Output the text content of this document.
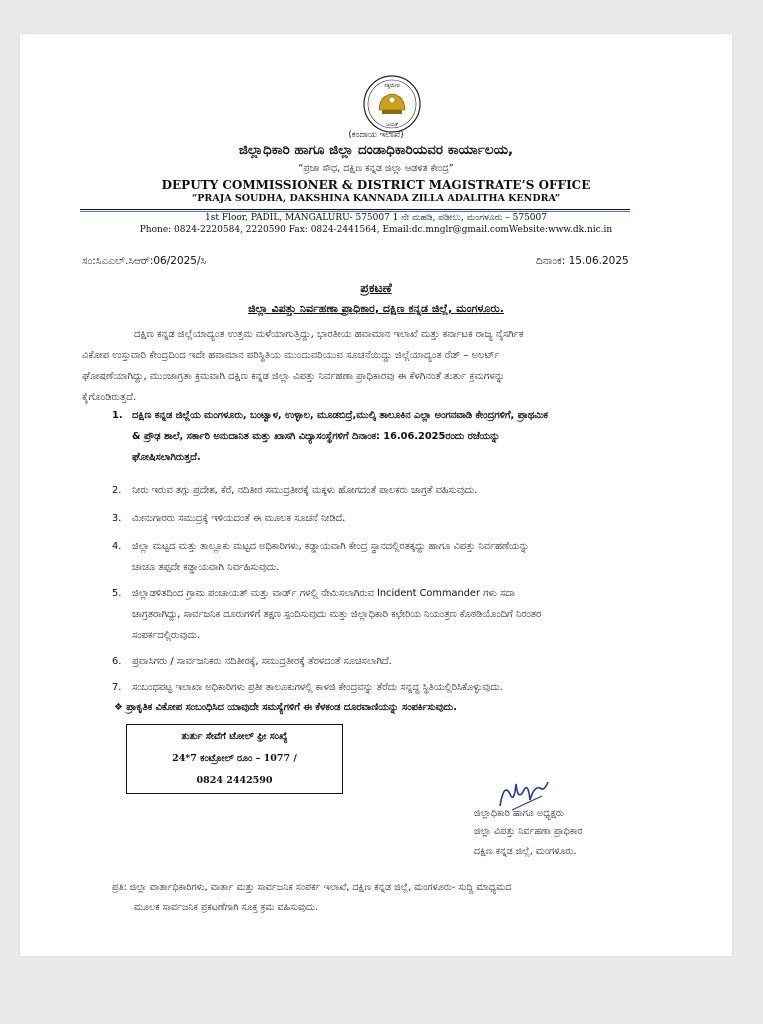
ಸತ್ಯಮೇವ
ಜಯತೆ
(ಕಂದಾಯ ಇಲಾಖೆ)
ಜಿಲ್ಲಾಧಿಕಾರಿ ಹಾಗೂ ಜಿಲ್ಲಾ ದಂಡಾಧಿಕಾರಿಯವರ ಕಾರ್ಯಾಲಯ,
“ಪ್ರಜಾ ಸೌಧ, ದಕ್ಷಿಣ ಕನ್ನಡ ಜಿಲ್ಲಾ ಆಡಳಿತ ಕೇಂದ್ರ”
DEPUTY COMMISSIONER & DISTRICT MAGISTRATE’S OFFICE
“PRAJA SOUDHA, DAKSHINA KANNADA ZILLA ADALITHA KENDRA”
1st Floor, PADIL, MANGALURU- 575007 1 ನೇ ಮಹಡಿ, ಪಡೀಲು, ಮಂಗಳೂರು – 575007
Phone: 0824-2220584, 2220590 Fax: 0824-2441564, Email:dc.mnglr@gmail.comWebsite:www.dk.nic.in
ಸಂ:ಸಿಎಎಲ್.ಸಿಆರ್:06/2025/ಸಿ	ದಿನಾಂಕ: 15.06.2025
ಪ್ರಕಟಣೆ
ಜಿಲ್ಲಾ ವಿಪತ್ತು ನಿರ್ವಹಣಾ ಪ್ರಾಧಿಕಾರ, ದಕ್ಷಿಣ ಕನ್ನಡ ಜಿಲ್ಲೆ, ಮಂಗಳೂರು.
ದಕ್ಷಿಣ ಕನ್ನಡ ಜಿಲ್ಲೆಯಾದ್ಯಂತ ಉತ್ತಮ ಮಳೆಯಾಗುತ್ತಿದ್ದು, ಭಾರತೀಯ ಹವಾಮಾನ ಇಲಾಖೆ ಮತ್ತು ಕರ್ನಾಟಕ ರಾಜ್ಯ ನೈಸರ್ಗಿಕ
ವಿಕೋಪ ಉಸ್ತುವಾರಿ ಕೇಂದ್ರದಿಂದ ಇದೇ ಹವಾಮಾನ ಪರಿಸ್ಥಿತಿಯ ಮುಂದುವರಿಯುವ ಸೂಚನೆಯಿದ್ದು ಜಿಲ್ಲೆಯಾದ್ಯಂತ ರೆಡ್ – ಅಲರ್ಟ್
ಘೋಷಣೆಯಾಗಿದ್ದು, ಮುಂಜಾಗ್ರತಾ ಕ್ರಮವಾಗಿ ದಕ್ಷಿಣ ಕನ್ನಡ ಜಿಲ್ಲಾ ವಿಪತ್ತು ನಿರ್ವಹಣಾ ಪ್ರಾಧಿಕಾರವು ಈ ಕೆಳಗಿನಂತೆ ತುರ್ತು ಕ್ರಮಗಳನ್ನು
ಕೈಗೊಂಡಿರುತ್ತದೆ.
1. ದಕ್ಷಿಣ ಕನ್ನಡ ಜಿಲ್ಲೆಯ ಮಂಗಳೂರು, ಬಂಟ್ವಾಳ, ಉಳ್ಳಾಲ, ಮೂಡಬಿದ್ರೆ,ಮುಲ್ಕಿ ತಾಲೂಕಿನ ಎಲ್ಲಾ ಅಂಗನವಾಡಿ ಕೇಂದ್ರಗಳಿಗೆ, ಪ್ರಾಥಮಿಕ
& ಪ್ರೌಢ ಶಾಲೆ, ಸರ್ಕಾರಿ ಅನುದಾನಿತ ಮತ್ತು ಖಾಸಗಿ ವಿದ್ಯಾಸಂಸ್ಥೆಗಳಿಗೆ ದಿನಾಂಕ: 16.06.2025ರಂದು ರಜೆಯನ್ನು
ಘೋಷಿಸಲಾಗಿರುತ್ತದೆ.
2. ನೀರು ಇರುವ ತಗ್ಗು ಪ್ರದೇಶ, ಕೆರೆ, ನದಿತೀರ ಸಮುದ್ರತೀರಕ್ಕೆ ಮಕ್ಕಳು ಹೋಗದಂತೆ ಪಾಲಕರು ಜಾಗ್ರತೆ ವಹಿಸುವುದು.
3. ಮೀನುಗಾರರು ಸಮುದ್ರಕ್ಕೆ ಇಳಿಯದಂತೆ ಈ ಮೂಲಕ ಸೂಚನೆ ನೀಡಿದೆ.
4. ಜಿಲ್ಲಾ ಮಟ್ಟದ ಮತ್ತು ತಾಲ್ಲೂಕು ಮಟ್ಟದ ಅಧಿಕಾರಿಗಳು, ಕಡ್ಡಾಯವಾಗಿ ಕೇಂದ್ರ ಸ್ಥಾನದಲ್ಲಿರತಕ್ಕದ್ದು ಹಾಗೂ ವಿಪತ್ತು ನಿರ್ವಹಣೆಯನ್ನು
ಚಾಚೂ ತಪ್ಪದೇ ಕಡ್ಡಾಯವಾಗಿ ನಿರ್ವಹಿಸುವುದು.
5. ಜಿಲ್ಲಾಡಳಿತದಿಂದ ಗ್ರಾಮ ಪಂಚಾಯತ್ ಮತ್ತು ವಾರ್ಡ್ ಗಳಲ್ಲಿ ನೇಮಿಸಲಾಗಿರುವ Incident Commander ಗಳು ಸದಾ
ಜಾಗ್ರತರಾಗಿದ್ದು, ಸಾರ್ವಜನಿಕ ದೂರುಗಳಿಗೆ ತಕ್ಷಣ ಸ್ಪಂದಿಸುವುದು ಮತ್ತು ಜಿಲ್ಲಾಧಿಕಾರಿ ಕಛೇರಿಯ ನಿಯಂತ್ರಣ ಕೊಠಡಿಯೊಂದಿಗೆ ನಿರಂತರ
ಸಂಪರ್ಕದಲ್ಲಿರುವುದು.
6. ಪ್ರವಾಸಿಗರು / ಸಾರ್ವಜನಿಕರು ನದಿತೀರಕ್ಕೆ, ಸಮುದ್ರತೀರಕ್ಕೆ ತೆರಳದಂತೆ ಸೂಚಿಸಲಾಗಿದೆ.
7. ಸಂಬಂಧಪಟ್ಟ ಇಲಾಖಾ ಅಧಿಕಾರಿಗಳು ಪ್ರತೀ ತಾಲೂಕುಗಳಲ್ಲಿ ಕಾಳಜಿ ಕೇಂದ್ರವನ್ನು ತೆರೆದು ಸನ್ನದ್ಧ ಸ್ಥಿತಿಯಲ್ಲಿರಿಸಿಕೊಳ್ಳುವುದು.
❖ ಪ್ರಾಕೃತಿಕ ವಿಕೋಪ ಸಂಬಂಧಿಸಿದ ಯಾವುದೇ ಸಮಸ್ಯೆಗಳಿಗೆ ಈ ಕೆಳಕಂಡ ದೂರವಾಣಿಯನ್ನು ಸಂಪರ್ಕಿಸುವುದು.
ತುರ್ತು ಸೇವೆಗೆ ಟೋಲ್ ಫ್ರೀ ಸಂಖ್ಯೆ
24*7 ಕಂಟ್ರೋಲ್ ರೂಂ – 1077 /
0824 2442590
ಜಿಲ್ಲಾಧಿಕಾರಿ ಹಾಗೂ ಅಧ್ಯಕ್ಷರು
ಜಿಲ್ಲಾ ವಿಪತ್ತು ನಿರ್ವಹಣಾ ಪ್ರಾಧಿಕಾರ
ದಕ್ಷಿಣ ಕನ್ನಡ ಜಿಲ್ಲೆ, ಮಂಗಳೂರು.
ಪ್ರತಿ: ಜಿಲ್ಲಾ ವಾರ್ತಾಧಿಕಾರಿಗಳು, ವಾರ್ತಾ ಮತ್ತು ಸಾರ್ವಜನಿಕ ಸಂಪರ್ಕ ಇಲಾಖೆ, ದಕ್ಷಿಣ ಕನ್ನಡ ಜಿಲ್ಲೆ, ಮಂಗಳೂರು- ಸುದ್ದಿ ಮಾಧ್ಯಮದ
ಮೂಲಕ ಸಾರ್ವಜನಿಕ ಪ್ರಕಟಣೆಗಾಗಿ ಸೂಕ್ತ ಕ್ರಮ ವಹಿಸುವುದು.
